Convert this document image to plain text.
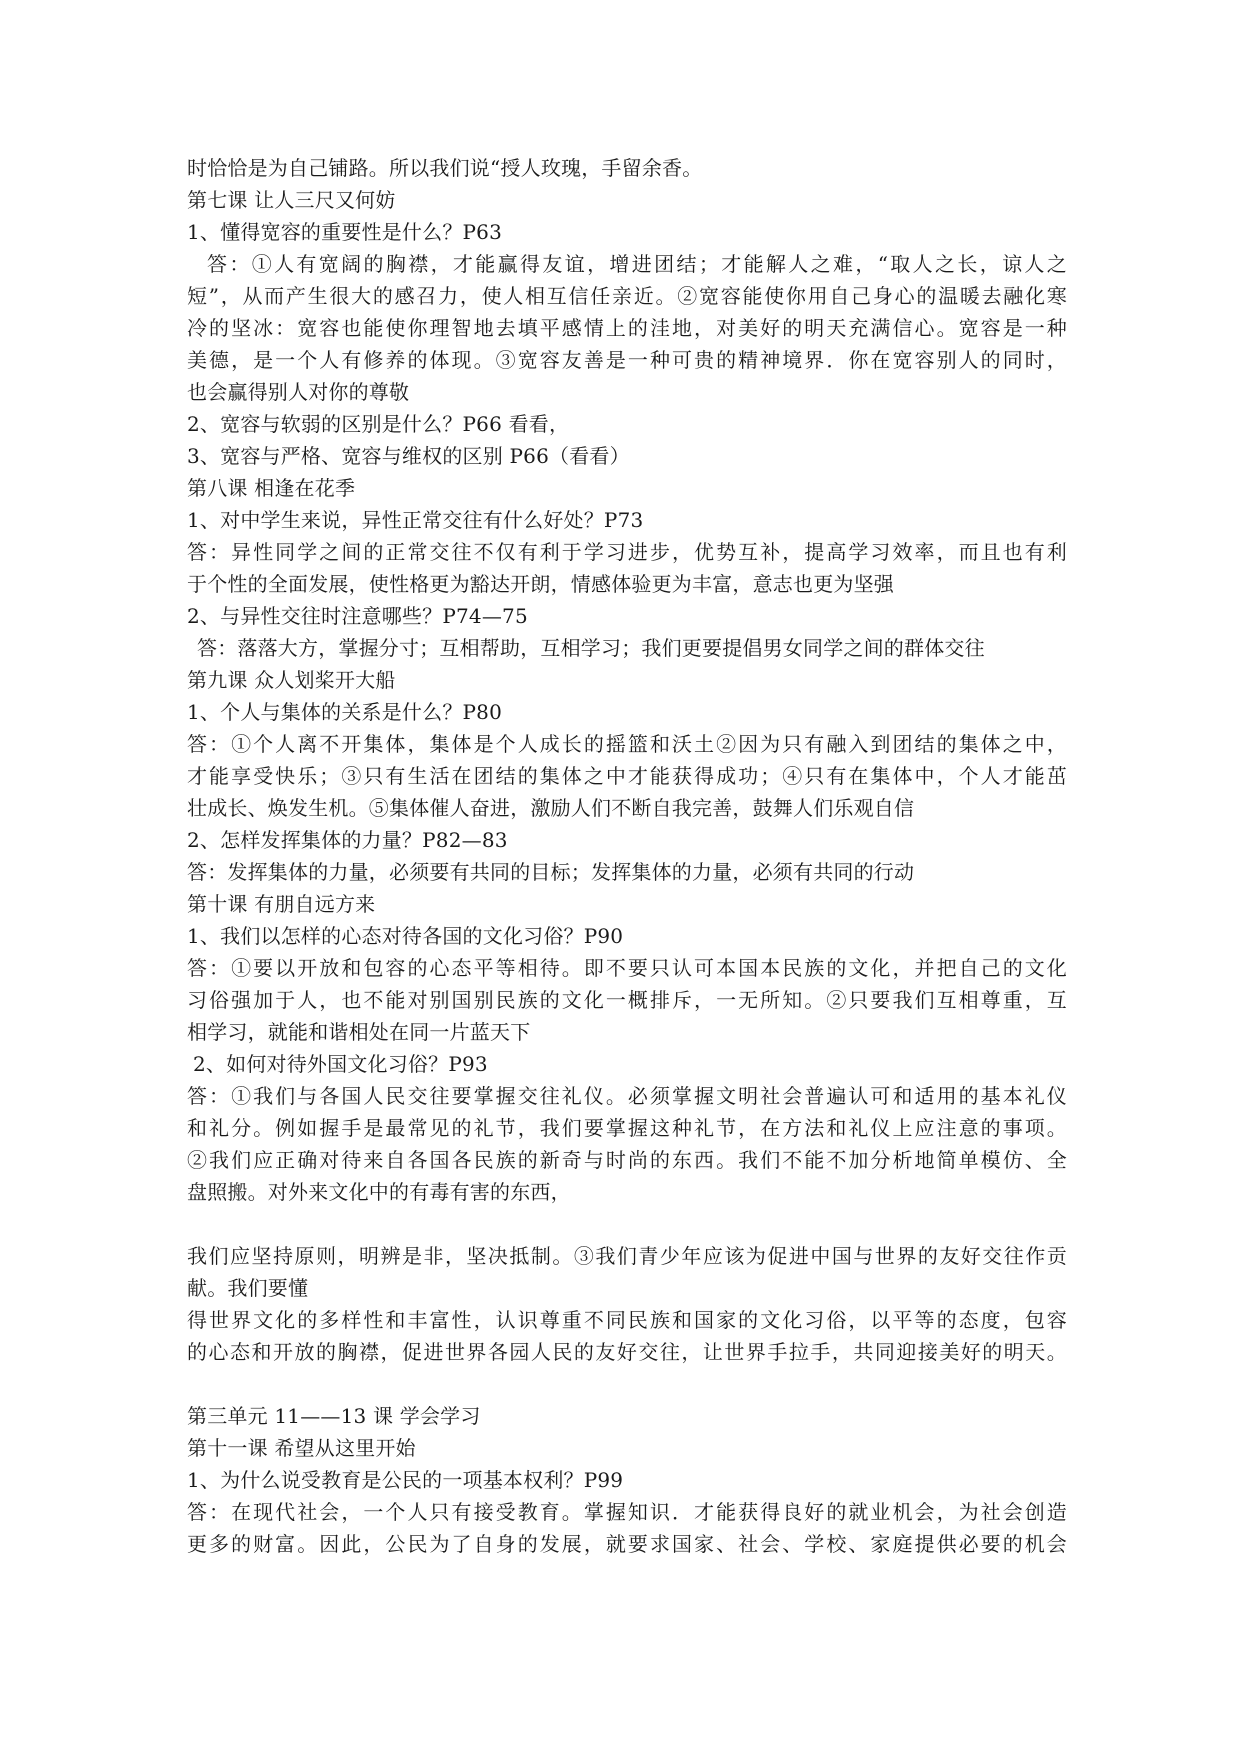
时恰恰是为自己铺路。所以我们说“授人玫瑰，手留余香。
第七课 让人三尺又何妨
1、懂得宽容的重要性是什么？P63
答：①人有宽阔的胸襟，才能赢得友谊，增进团结；才能解人之难，“取人之长，谅人之
短”，从而产生很大的感召力，使人相互信任亲近。②宽容能使你用自己身心的温暖去融化寒
冷的坚冰：宽容也能使你理智地去填平感情上的洼地，对美好的明天充满信心。宽容是一种
美德，是一个人有修养的体现。③宽容友善是一种可贵的精神境界．你在宽容别人的同时，
也会赢得别人对你的尊敬
2、宽容与软弱的区别是什么？P66 看看，
3、宽容与严格、宽容与维权的区别 P66（看看）
第八课 相逢在花季
1、对中学生来说，异性正常交往有什么好处？P73
答：异性同学之间的正常交往不仅有利于学习进步，优势互补，提高学习效率，而且也有利
于个性的全面发展，使性格更为豁达开朗，情感体验更为丰富，意志也更为坚强
2、与异性交往时注意哪些？P74—75
答：落落大方，掌握分寸；互相帮助，互相学习；我们更要提倡男女同学之间的群体交往
第九课 众人划桨开大船
1、个人与集体的关系是什么？P80
答：①个人离不开集体，集体是个人成长的摇篮和沃土②因为只有融入到团结的集体之中，
才能享受快乐；③只有生活在团结的集体之中才能获得成功；④只有在集体中，个人才能茁
壮成长、焕发生机。⑤集体催人奋进，激励人们不断自我完善，鼓舞人们乐观自信
2、怎样发挥集体的力量？P82—83
答：发挥集体的力量，必须要有共同的目标；发挥集体的力量，必须有共同的行动
第十课 有朋自远方来
1、我们以怎样的心态对待各国的文化习俗？P90
答：①要以开放和包容的心态平等相待。即不要只认可本国本民族的文化，并把自己的文化
习俗强加于人，也不能对别国别民族的文化一概排斥，一无所知。②只要我们互相尊重，互
相学习，就能和谐相处在同一片蓝天下
2、如何对待外国文化习俗？P93
答：①我们与各国人民交往要掌握交往礼仪。必须掌握文明社会普遍认可和适用的基本礼仪
和礼分。例如握手是最常见的礼节，我们要掌握这种礼节，在方法和礼仪上应注意的事项。
②我们应正确对待来自各国各民族的新奇与时尚的东西。我们不能不加分析地简单模仿、全
盘照搬。对外来文化中的有毒有害的东西，
我们应坚持原则，明辨是非，坚决抵制。③我们青少年应该为促进中国与世界的友好交往作贡
献。我们要懂
得世界文化的多样性和丰富性，认识尊重不同民族和国家的文化习俗，以平等的态度，包容
的心态和开放的胸襟，促进世界各园人民的友好交往，让世界手拉手，共同迎接美好的明天。
第三单元 11——13 课 学会学习
第十一课 希望从这里开始
1、为什么说受教育是公民的一项基本权利？P99
答：在现代社会，一个人只有接受教育。掌握知识．才能获得良好的就业机会，为社会创造
更多的财富。因此，公民为了自身的发展，就要求国家、社会、学校、家庭提供必要的机会
